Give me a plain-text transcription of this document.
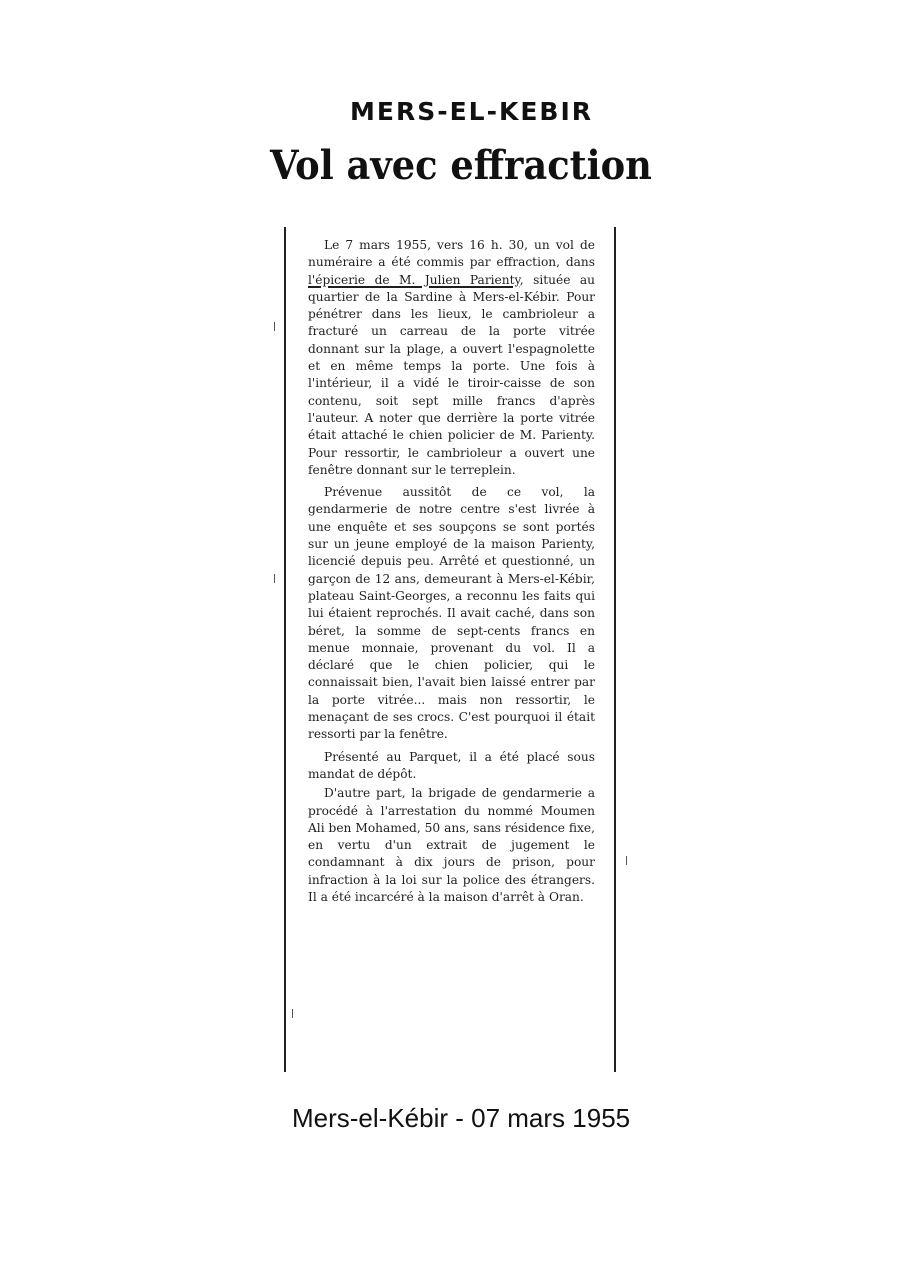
MERS-EL-KEBIR
Vol avec effraction

Le 7 mars 1955, vers 16 h. 30, un vol de numéraire a été commis par effraction, dans l'épicerie de M. Julien Parienty, située au quartier de la Sardine à Mers-el-Kébir. Pour pénétrer dans les lieux, le cambrioleur a fracturé un carreau de la porte vitrée donnant sur la plage, a ouvert l'espagnolette et en même temps la porte. Une fois à l'intérieur, il a vidé le tiroir-caisse de son contenu, soit sept mille francs d'après l'auteur. A noter que derrière la porte vitrée était attaché le chien policier de M. Parienty. Pour ressortir, le cambrioleur a ouvert une fenêtre donnant sur le terreplein.

Prévenue aussitôt de ce vol, la gendarmerie de notre centre s'est livrée à une enquête et ses soupçons se sont portés sur un jeune employé de la maison Parienty, licencié depuis peu. Arrêté et questionné, un garçon de 12 ans, demeurant à Mers-el-Kébir, plateau Saint-Georges, a reconnu les faits qui lui étaient reprochés. Il avait caché, dans son béret, la somme de sept-cents francs en menue monnaie, provenant du vol. Il a déclaré que le chien policier, qui le connaissait bien, l'avait bien laissé entrer par la porte vitrée... mais non ressortir, le menaçant de ses crocs. C'est pourquoi il était ressorti par la fenêtre.

Présenté au Parquet, il a été placé sous mandat de dépôt.

D'autre part, la brigade de gendarmerie a procédé à l'arrestation du nommé Moumen Ali ben Mohamed, 50 ans, sans résidence fixe, en vertu d'un extrait de jugement le condamnant à dix jours de prison, pour infraction à la loi sur la police des étrangers. Il a été incarcéré à la maison d'arrêt à Oran.

Mers-el-Kébir - 07 mars 1955
